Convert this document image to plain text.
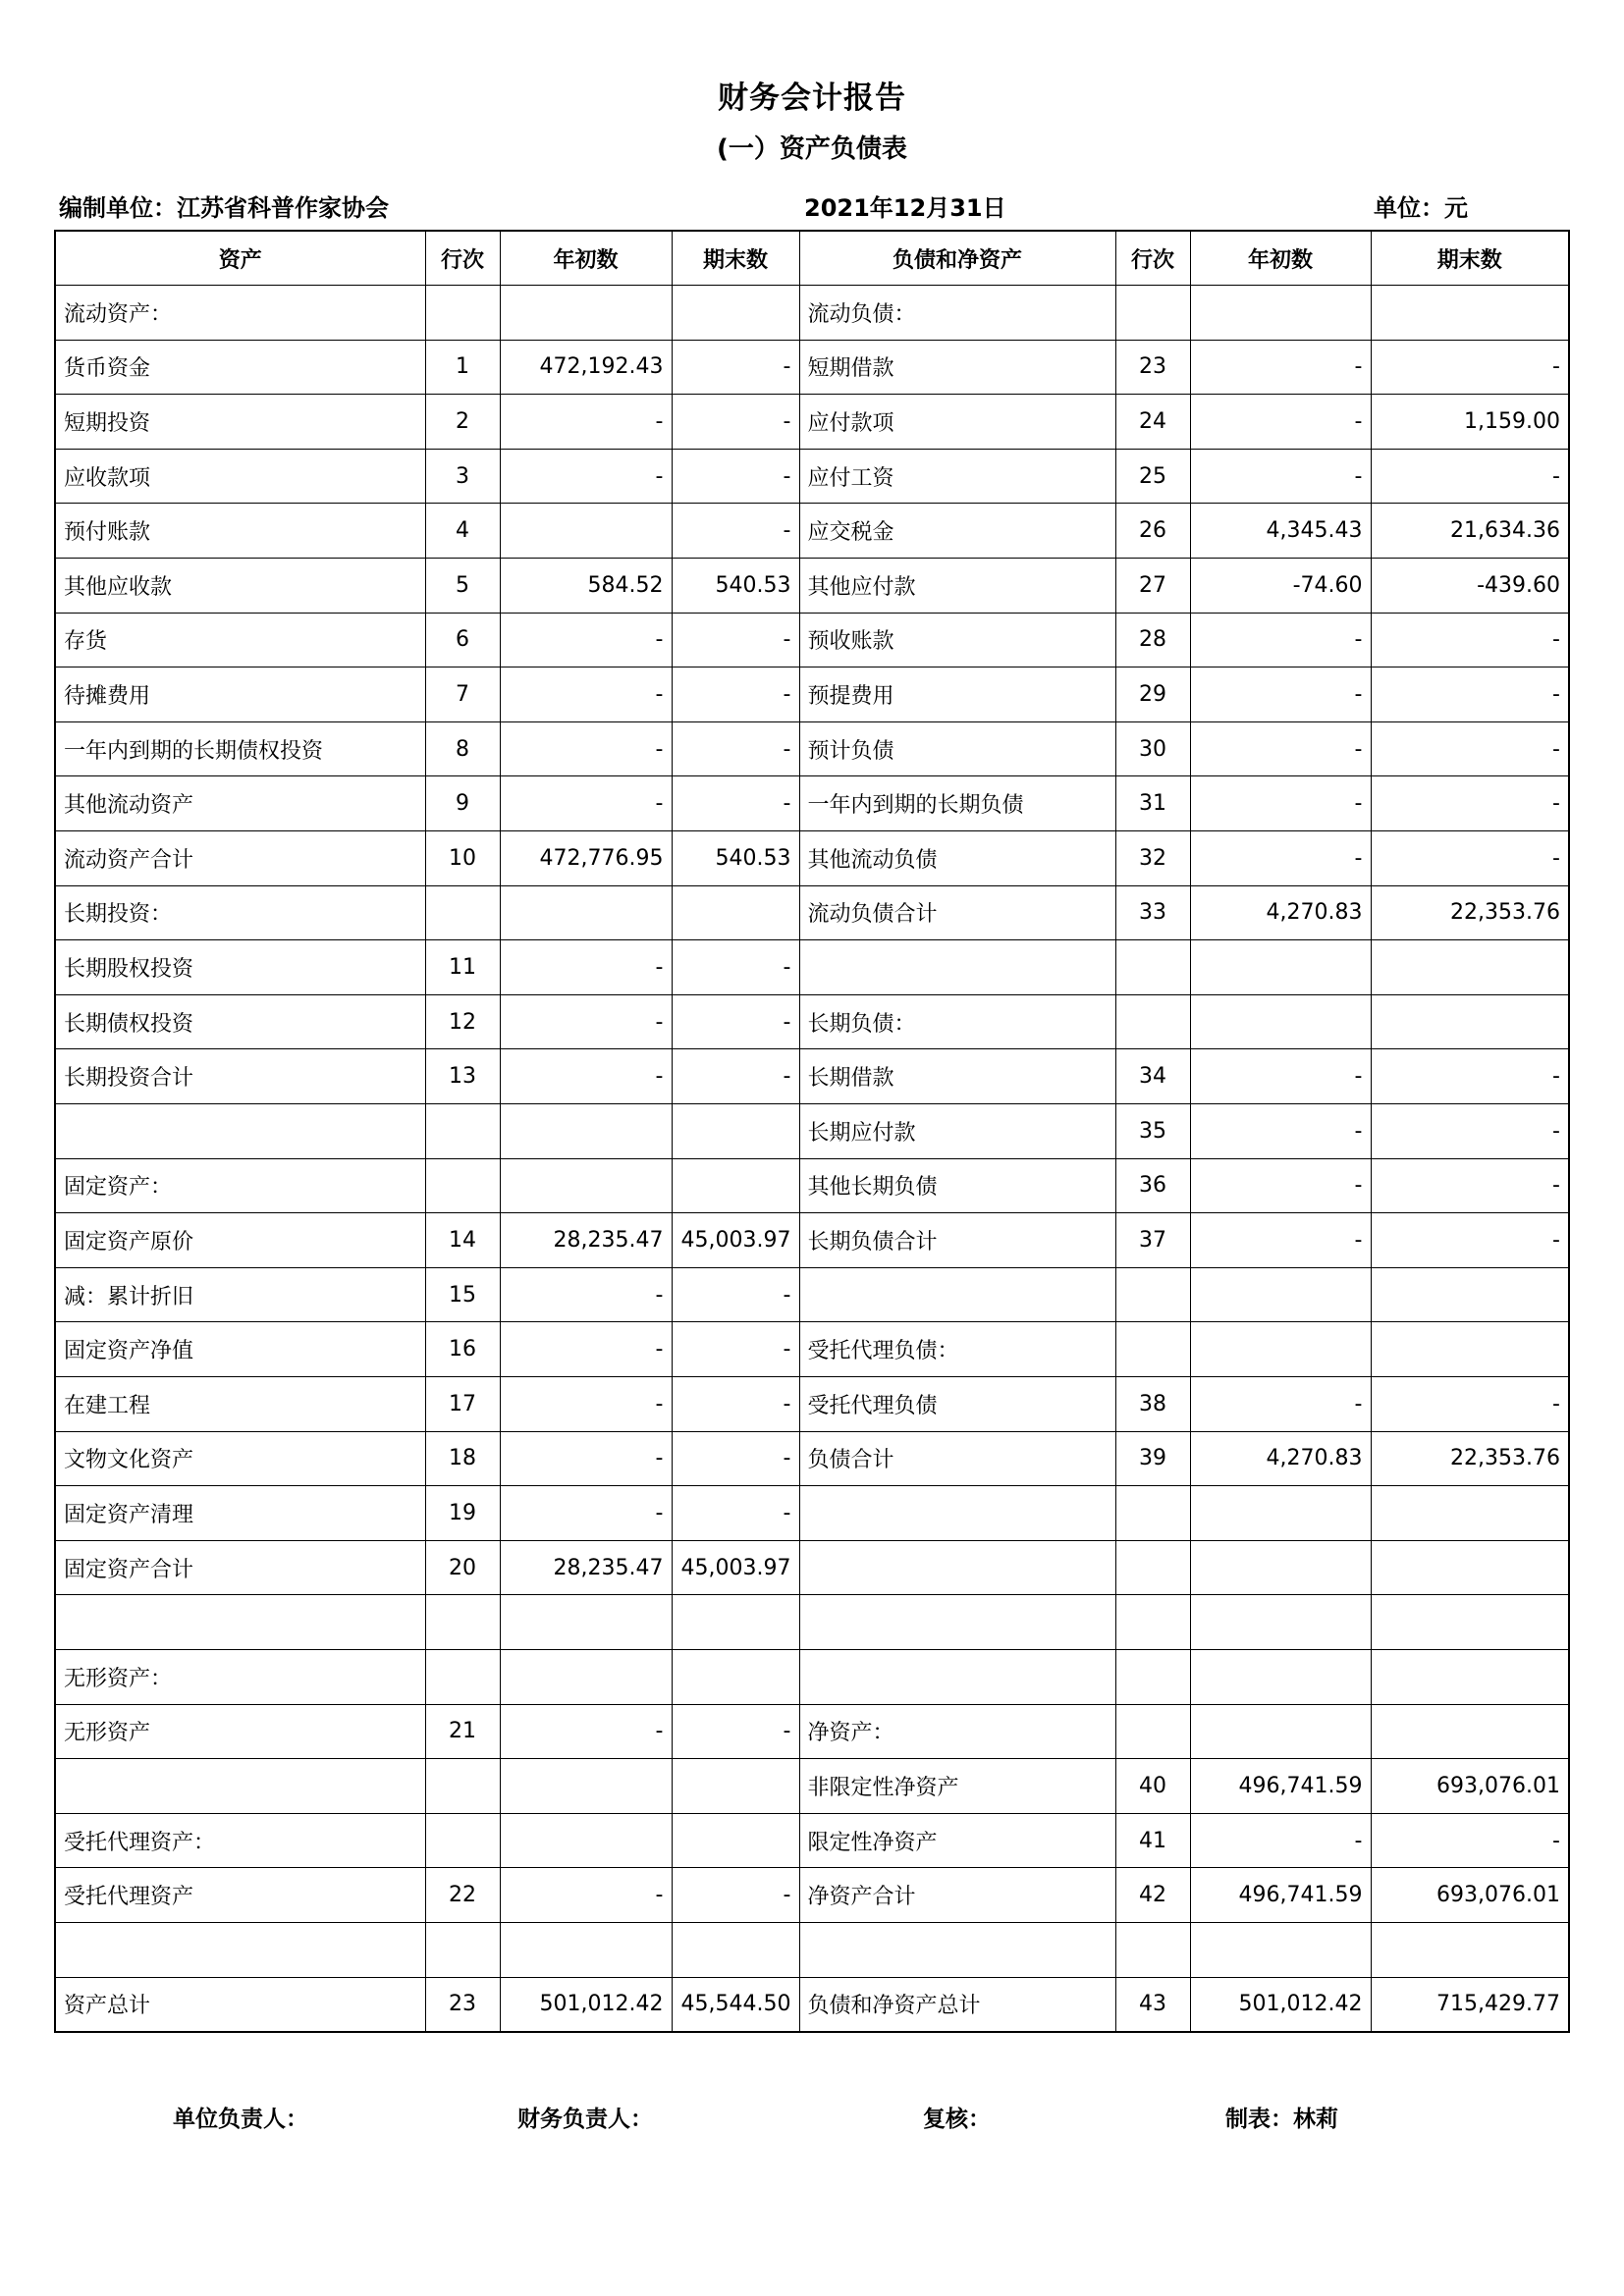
财务会计报告
(一）资产负债表
编制单位：江苏省科普作家协会	2021年12月31日	单位：元
资产	行次	年初数	期末数	负债和净资产	行次	年初数	期末数
流动资产：				流动负债：			
货币资金	1	472,192.43	-	短期借款	23	-	-
短期投资	2	-	-	应付款项	24	-	1,159.00
应收款项	3	-	-	应付工资	25	-	-
预付账款	4		-	应交税金	26	4,345.43	21,634.36
其他应收款	5	584.52	540.53	其他应付款	27	-74.60	-439.60
存货	6	-	-	预收账款	28	-	-
待摊费用	7	-	-	预提费用	29	-	-
一年内到期的长期债权投资	8	-	-	预计负债	30	-	-
其他流动资产	9	-	-	一年内到期的长期负债	31	-	-
流动资产合计	10	472,776.95	540.53	其他流动负债	32	-	-
长期投资：				流动负债合计	33	4,270.83	22,353.76
长期股权投资	11	-	-				
长期债权投资	12	-	-	长期负债：			
长期投资合计	13	-	-	长期借款	34	-	-
				长期应付款	35	-	-
固定资产：				其他长期负债	36	-	-
固定资产原价	14	28,235.47	45,003.97	长期负债合计	37	-	-
减：累计折旧	15	-	-				
固定资产净值	16	-	-	受托代理负债：			
在建工程	17	-	-	受托代理负债	38	-	-
文物文化资产	18	-	-	负债合计	39	4,270.83	22,353.76
固定资产清理	19	-	-				
固定资产合计	20	28,235.47	45,003.97				

无形资产：							
无形资产	21	-	-	净资产：			
				非限定性净资产	40	496,741.59	693,076.01
受托代理资产：				限定性净资产	41	-	-
受托代理资产	22	-	-	净资产合计	42	496,741.59	693,076.01

资产总计	23	501,012.42	45,544.50	负债和净资产总计	43	501,012.42	715,429.77
单位负责人：	财务负责人：	复核：	制表：林莉
